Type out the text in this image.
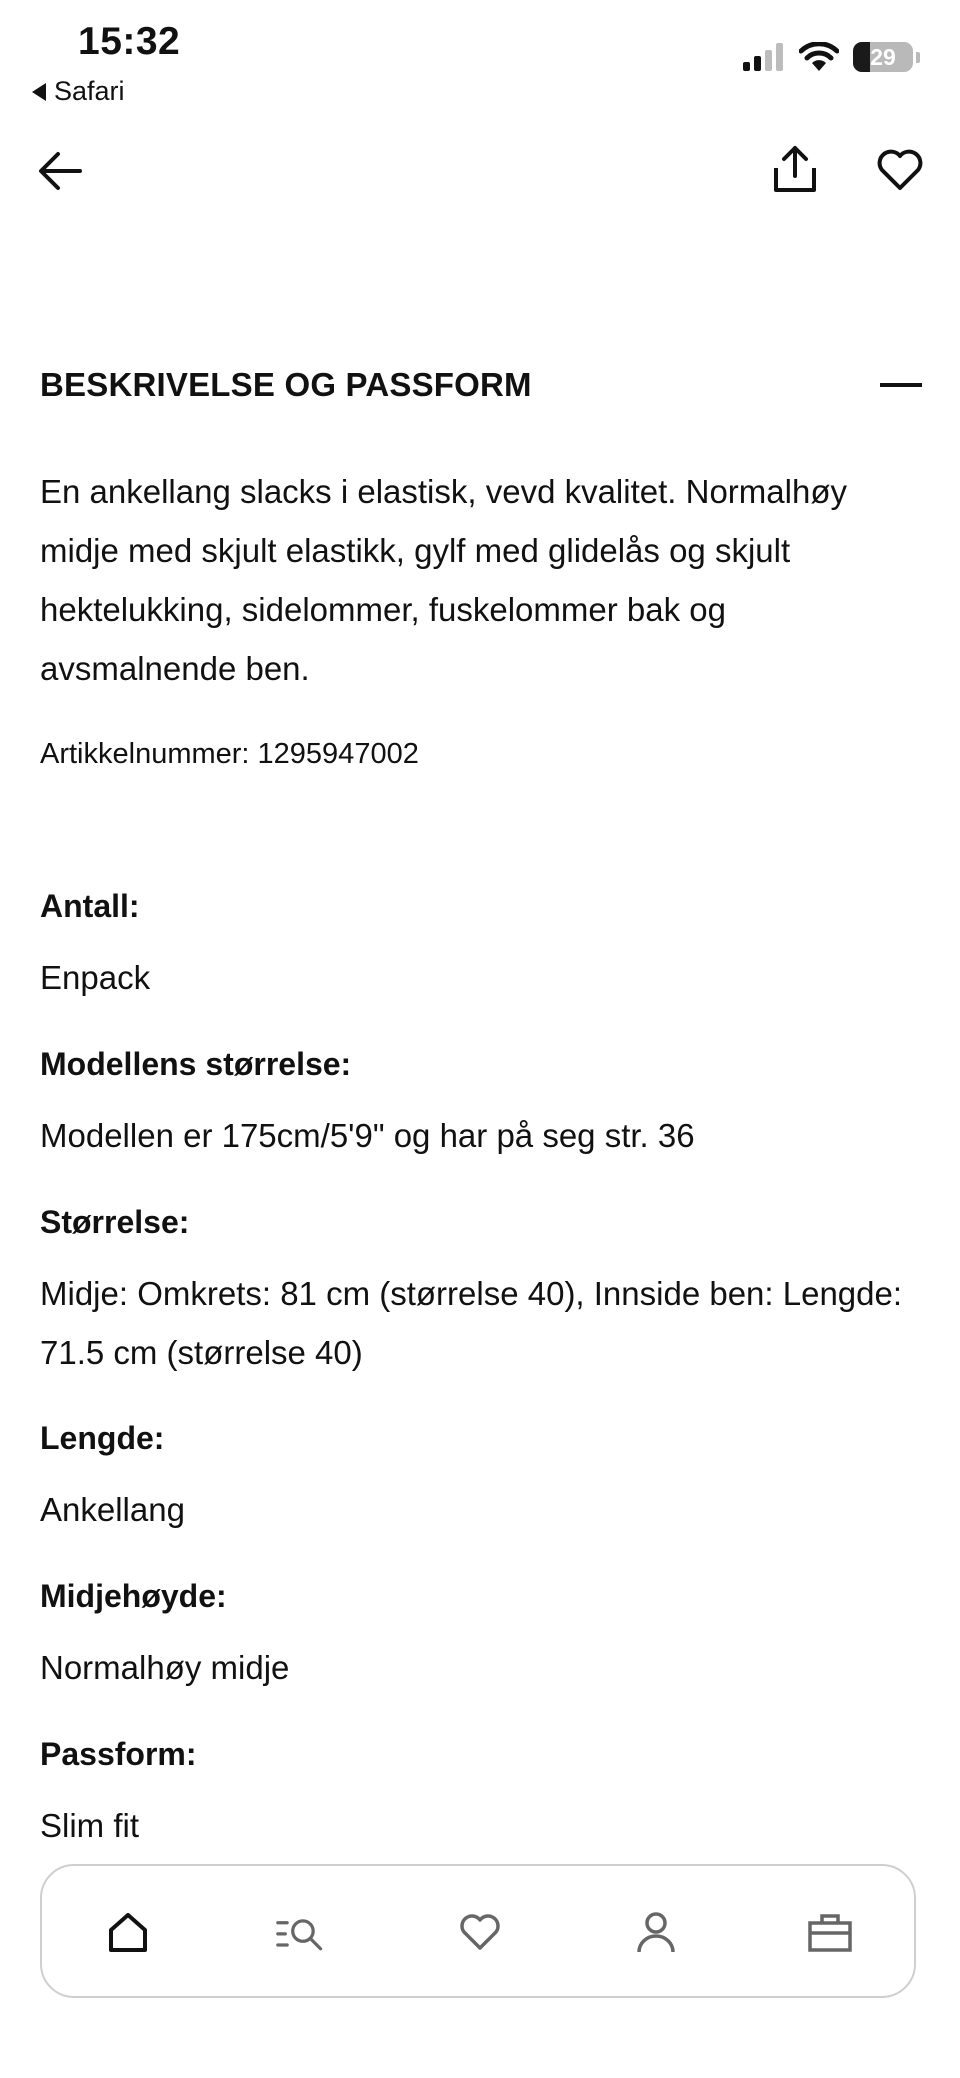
15:32
Safari
29
BESKRIVELSE OG PASSFORM

En ankellang slacks i elastisk, vevd kvalitet. Normalhøy midje med skjult elastikk, gylf med glidelås og skjult hektelukking, sidelommer, fuskelommer bak og avsmalnende ben.

Artikkelnummer: 1295947002
Antall:

Enpack

Modellens størrelse:

Modellen er 175cm/5'9" og har på seg str. 36

Størrelse:

Midje: Omkrets: 81 cm (størrelse 40), Innside ben: Lengde: 71.5 cm (størrelse 40)

Lengde:

Ankellang

Midjehøyde:

Normalhøy midje

Passform:

Slim fit
